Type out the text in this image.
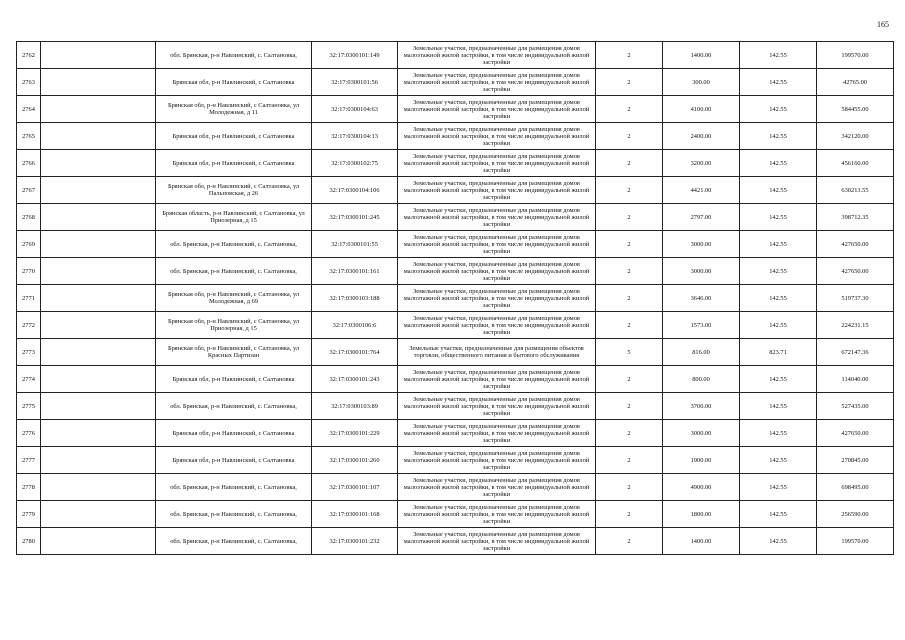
165
2762		обл. Брянская, р-н Навлинский, с. Салтановка,	32:17:0300101:149	Земельные участки, предназначенные для размещения домов малоэтажной жилой застройки, в том числе индивидуальной жилой застройки	2	1400.00	142.55	199570.00
2763		Брянская обл, р-н Навлинский, с Салтановка	32:17:0300101:56	Земельные участки, предназначенные для размещения домов малоэтажной жилой застройки, в том числе индивидуальной жилой застройки	2	300.00	142.55	42765.00
2764		Брянская обл, р-н Навлинский, с Салтановка, ул Молодежная, д 11	32:17:0300104:63	Земельные участки, предназначенные для размещения домов малоэтажной жилой застройки, в том числе индивидуальной жилой застройки	2	4100.00	142.55	584455.00
2765		Брянская обл, р-н Навлинский, с Салтановка	32:17:0300104:13	Земельные участки, предназначенные для размещения домов малоэтажной жилой застройки, в том числе индивидуальной жилой застройки	2	2400.00	142.55	342120.00
2766		Брянская обл, р-н Навлинский, с Салтановка	32:17:0300102:75	Земельные участки, предназначенные для размещения домов малоэтажной жилой застройки, в том числе индивидуальной жилой застройки	2	3200.00	142.55	456160.00
2767		Брянская обл, р-н Навлинский, с Салтановка, ул Пальповская, д 26	32:17:0300104:106	Земельные участки, предназначенные для размещения домов малоэтажной жилой застройки, в том числе индивидуальной жилой застройки	2	4421.00	142.55	630213.55
2768		Брянская область, р-н Навлинский, с Салтановка, ул Приозерная, д 15	32:17:0300101:245	Земельные участки, предназначенные для размещения домов малоэтажной жилой застройки, в том числе индивидуальной жилой застройки	2	2797.00	142.55	398712.35
2769		обл. Брянская, р-н Навлинский, с. Салтановка,	32:17:0300101:55	Земельные участки, предназначенные для размещения домов малоэтажной жилой застройки, в том числе индивидуальной жилой застройки	2	3000.00	142.55	427650.00
2770		обл. Брянская, р-н Навлинский, с. Салтановка,	32:17:0300101:161	Земельные участки, предназначенные для размещения домов малоэтажной жилой застройки, в том числе индивидуальной жилой застройки	2	3000.00	142.55	427650.00
2771		Брянская обл, р-н Навлинский, с Салтановка, ул Молодежная, д 69	32:17:0300103:188	Земельные участки, предназначенные для размещения домов малоэтажной жилой застройки, в том числе индивидуальной жилой застройки	2	3646.00	142.55	519737.30
2772		Брянская обл, р-н Навлинский, с Салтановка, ул Приозерная, д 15	32:17:0300106:6	Земельные участки, предназначенные для размещения домов малоэтажной жилой застройки, в том числе индивидуальной жилой застройки	2	1573.00	142.55	224231.15
2773		Брянская обл, р-н Навлинский, с Салтановка, ул Красных Партизан	32:17:0300101:764	Земельные участки, предназначенные для размещения объектов торговли, общественного питания и бытового обслуживания	5	816.00	823.71	672147.36
2774		Брянская обл, р-н Навлинский, с Салтановка	32:17:0300101:243	Земельные участки, предназначенные для размещения домов малоэтажной жилой застройки, в том числе индивидуальной жилой застройки	2	800.00	142.55	114040.00
2775		обл. Брянская, р-н Навлинский, с. Салтановка,	32:17:0300103:89	Земельные участки, предназначенные для размещения домов малоэтажной жилой застройки, в том числе индивидуальной жилой застройки	2	3700.00	142.55	527435.00
2776		Брянская обл, р-н Навлинский, с Салтановка	32:17:0300101:229	Земельные участки, предназначенные для размещения домов малоэтажной жилой застройки, в том числе индивидуальной жилой застройки	2	3000.00	142.55	427650.00
2777		Брянская обл, р-н Навлинский, с Салтановка	32:17:0300101:260	Земельные участки, предназначенные для размещения домов малоэтажной жилой застройки, в том числе индивидуальной жилой застройки	2	1900.00	142.55	270845.00
2778		обл. Брянская, р-н Навлинский, с. Салтановка,	32:17:0300101:107	Земельные участки, предназначенные для размещения домов малоэтажной жилой застройки, в том числе индивидуальной жилой застройки	2	4900.00	142.55	698495.00
2779		обл. Брянская, р-н Навлинский, с. Салтановка,	32:17:0300101:168	Земельные участки, предназначенные для размещения домов малоэтажной жилой застройки, в том числе индивидуальной жилой застройки	2	1800.00	142.55	256590.00
2780		обл. Брянская, р-н Навлинский, с. Салтановка,	32:17:0300101:232	Земельные участки, предназначенные для размещения домов малоэтажной жилой застройки, в том числе индивидуальной жилой застройки	2	1400.00	142.55	199570.00
